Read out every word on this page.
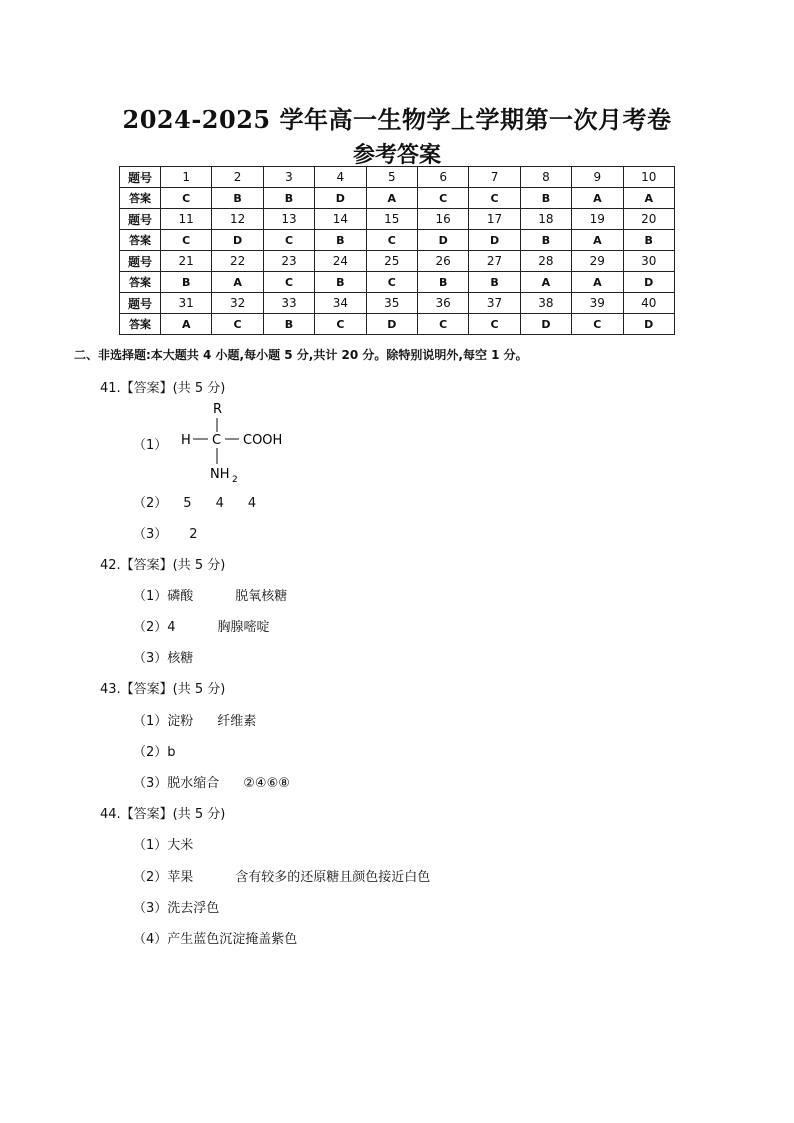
2024-2025 学年高一生物学上学期第一次月考卷
参考答案
题号	1	2	3	4	5	6	7	8	9	10
答案	C	B	B	D	A	C	C	B	A	A
题号	11	12	13	14	15	16	17	18	19	20
答案	C	D	C	B	C	D	D	B	A	B
题号	21	22	23	24	25	26	27	28	29	30
答案	B	A	C	B	C	B	B	A	A	D
题号	31	32	33	34	35	36	37	38	39	40
答案	A	C	B	C	D	C	C	D	C	D
二、非选择题:本大题共 4 小题,每小题 5 分,共计 20 分。除特别说明外,每空 1 分。
41.【答案】(共 5 分)
（1）
R
H C COOH
NH 2
（2） 5 4 4
（3） 2
42.【答案】(共 5 分)
（1）磷酸	脱氧核糖
（2）4	胸腺嘧啶
（3）核糖
43.【答案】(共 5 分)
（1）淀粉 纤维素
（2）b
（3）脱水缩合 ②④⑥⑧
44.【答案】(共 5 分)
（1）大米
（2）苹果	含有较多的还原糖且颜色接近白色
（3）洗去浮色
（4）产生蓝色沉淀掩盖紫色
